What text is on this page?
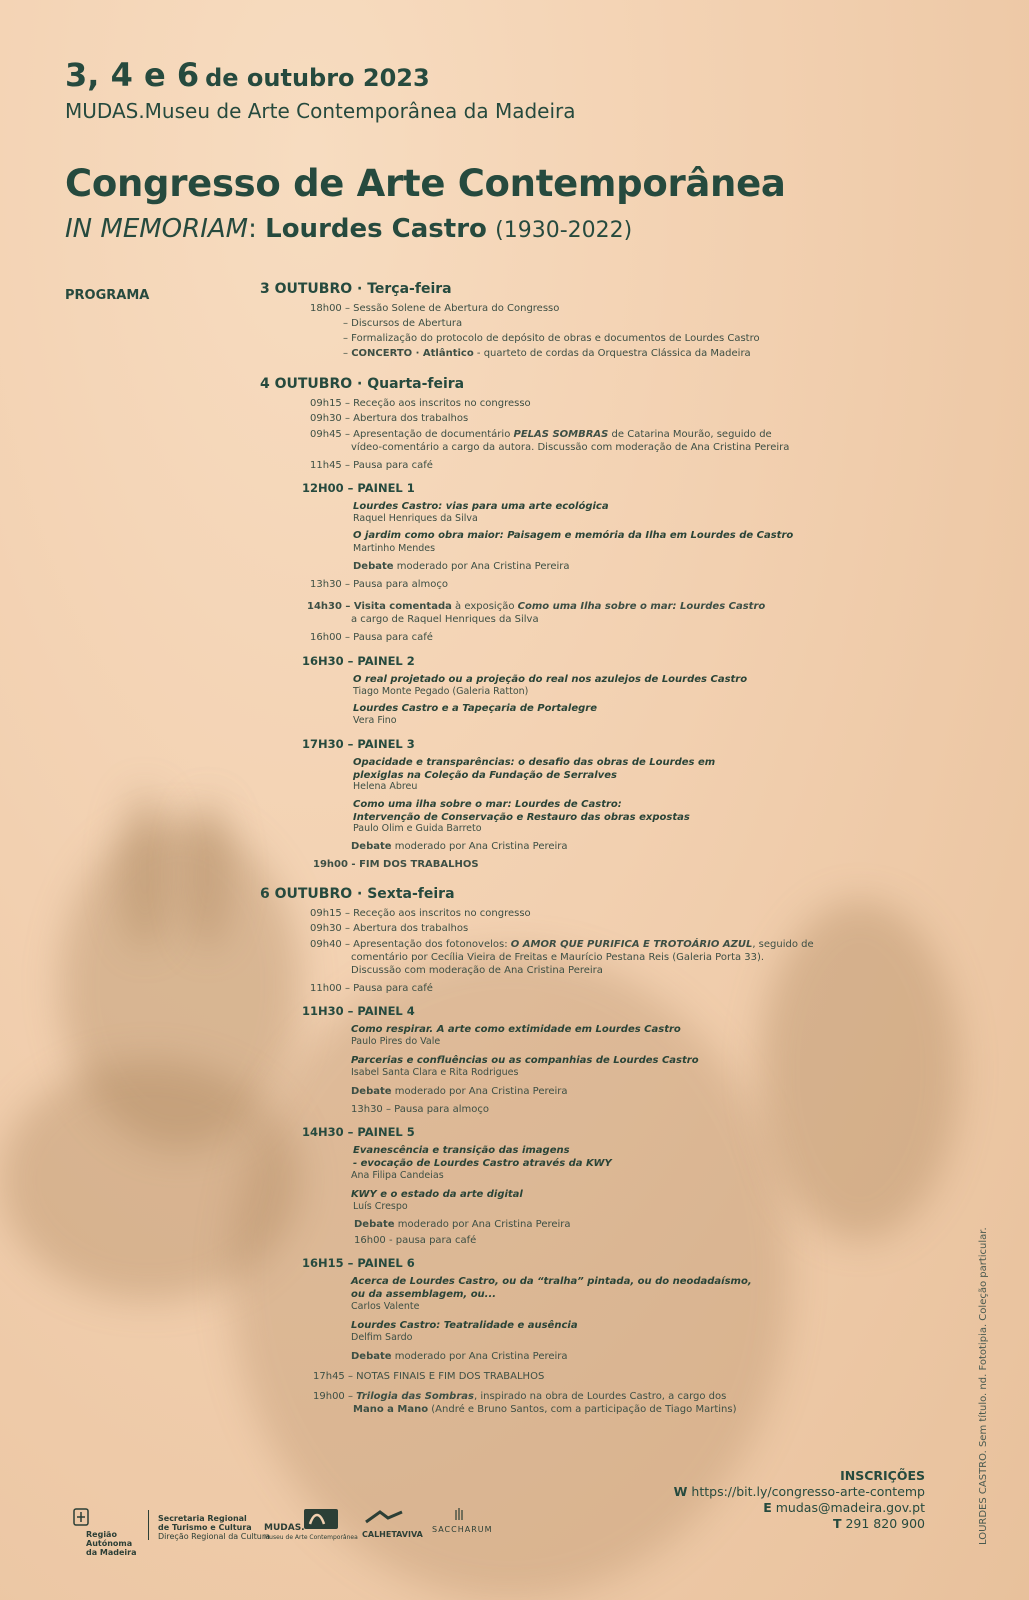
3, 4 e 6 de outubro 2023
MUDAS.Museu de Arte Contemporânea da Madeira
Congresso de Arte Contemporânea
IN MEMORIAM: Lourdes Castro (1930-2022)
PROGRAMA	3 OUTUBRO · Terça-feira
18h00 – Sessão Solene de Abertura do Congresso
– Discursos de Abertura
– Formalização do protocolo de depósito de obras e documentos de Lourdes Castro
– CONCERTO · Atlântico - quarteto de cordas da Orquestra Clássica da Madeira
4 OUTUBRO · Quarta-feira
09h15 – Receção aos inscritos no congresso
09h30 – Abertura dos trabalhos
09h45 – Apresentação de documentário PELAS SOMBRAS de Catarina Mourão, seguido de
vídeo-comentário a cargo da autora. Discussão com moderação de Ana Cristina Pereira
11h45 – Pausa para café
12H00 – PAINEL 1
Lourdes Castro: vias para uma arte ecológica
Raquel Henriques da Silva
O jardim como obra maior: Paisagem e memória da Ilha em Lourdes de Castro
Martinho Mendes
Debate moderado por Ana Cristina Pereira
13h30 – Pausa para almoço
14h30 – Visita comentada à exposição Como uma Ilha sobre o mar: Lourdes Castro
a cargo de Raquel Henriques da Silva
16h00 – Pausa para café
16H30 – PAINEL 2
O real projetado ou a projeção do real nos azulejos de Lourdes Castro
Tiago Monte Pegado (Galeria Ratton)
Lourdes Castro e a Tapeçaria de Portalegre
Vera Fino
17H30 – PAINEL 3
Opacidade e transparências: o desafio das obras de Lourdes em
plexiglas na Coleção da Fundação de Serralves
Helena Abreu
Como uma ilha sobre o mar: Lourdes de Castro:
Intervenção de Conservação e Restauro das obras expostas
Paulo Olim e Guida Barreto
Debate moderado por Ana Cristina Pereira
19h00 - FIM DOS TRABALHOS
6 OUTUBRO · Sexta-feira
09h15 – Receção aos inscritos no congresso
09h30 – Abertura dos trabalhos
09h40 – Apresentação dos fotonovelos: O AMOR QUE PURIFICA E TROTOÁRIO AZUL, seguido de
comentário por Cecília Vieira de Freitas e Maurício Pestana Reis (Galeria Porta 33).
Discussão com moderação de Ana Cristina Pereira
11h00 – Pausa para café
11H30 – PAINEL 4
Como respirar. A arte como extimidade em Lourdes Castro
Paulo Pires do Vale
Parcerias e confluências ou as companhias de Lourdes Castro
Isabel Santa Clara e Rita Rodrigues
Debate moderado por Ana Cristina Pereira
13h30 – Pausa para almoço
14H30 – PAINEL 5
Evanescência e transição das imagens
- evocação de Lourdes Castro através da KWY
Ana Filipa Candeias
KWY e o estado da arte digital
Luís Crespo
Debate moderado por Ana Cristina Pereira
16h00 - pausa para café
16H15 – PAINEL 6
Acerca de Lourdes Castro, ou da “tralha” pintada, ou do neodadaísmo,
ou da assemblagem, ou...
Carlos Valente
Lourdes Castro: Teatralidade e ausência
Delfim Sardo
Debate moderado por Ana Cristina Pereira
17h45 – NOTAS FINAIS E FIM DOS TRABALHOS
19h00 – Trilogia das Sombras, inspirado na obra de Lourdes Castro, a cargo dos
Mano a Mano (André e Bruno Santos, com a participação de Tiago Martins)
INSCRIÇÕES
W https://bit.ly/congresso-arte-contemp
E mudas@madeira.gov.pt
T 291 820 900	LOURDES CASTRO. Sem título. nd. Fototipia. Coleção particular.
Região Autónoma da Madeira
Secretaria Regional
de Turismo e Cultura
Direção Regional da Cultura
MUDAS.
Museu de Arte Contemporânea CALHETAVIVA
SACCHARUM
